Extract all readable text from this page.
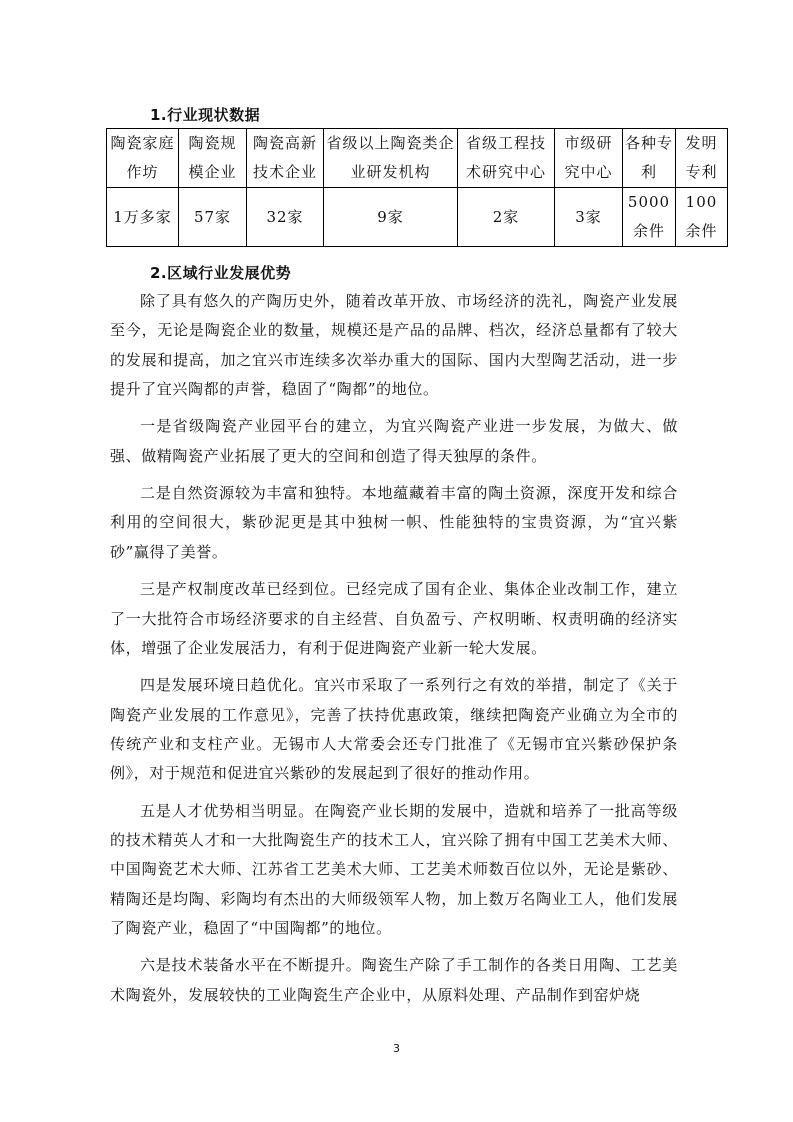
1.行业现状数据
陶瓷家庭作坊	陶瓷规模企业	陶瓷高新技术企业	省级以上陶瓷类企业研发机构	省级工程技术研究中心	市级研究中心	各种专利	发明专利
1万多家	57家	32家	9家	2家	3家	5000余件	100余件
2.区域行业发展优势

除了具有悠久的产陶历史外，随着改革开放、市场经济的洗礼，陶瓷产业发展至今，无论是陶瓷企业的数量，规模还是产品的品牌、档次，经济总量都有了较大的发展和提高，加之宜兴市连续多次举办重大的国际、国内大型陶艺活动，进一步提升了宜兴陶都的声誉，稳固了“陶都”的地位。

一是省级陶瓷产业园平台的建立，为宜兴陶瓷产业进一步发展，为做大、做强、做精陶瓷产业拓展了更大的空间和创造了得天独厚的条件。

二是自然资源较为丰富和独特。本地蕴藏着丰富的陶土资源，深度开发和综合利用的空间很大，紫砂泥更是其中独树一帜、性能独特的宝贵资源，为“宜兴紫砂”赢得了美誉。

三是产权制度改革已经到位。已经完成了国有企业、集体企业改制工作，建立了一大批符合市场经济要求的自主经营、自负盈亏、产权明晰、权责明确的经济实体，增强了企业发展活力，有利于促进陶瓷产业新一轮大发展。

四是发展环境日趋优化。宜兴市采取了一系列行之有效的举措，制定了《关于陶瓷产业发展的工作意见》，完善了扶持优惠政策，继续把陶瓷产业确立为全市的传统产业和支柱产业。无锡市人大常委会还专门批准了《无锡市宜兴紫砂保护条例》，对于规范和促进宜兴紫砂的发展起到了很好的推动作用。

五是人才优势相当明显。在陶瓷产业长期的发展中，造就和培养了一批高等级的技术精英人才和一大批陶瓷生产的技术工人，宜兴除了拥有中国工艺美术大师、中国陶瓷艺术大师、江苏省工艺美术大师、工艺美术师数百位以外，无论是紫砂、精陶还是均陶、彩陶均有杰出的大师级领军人物，加上数万名陶业工人，他们发展了陶瓷产业，稳固了“中国陶都”的地位。

六是技术装备水平在不断提升。陶瓷生产除了手工制作的各类日用陶、工艺美术陶瓷外，发展较快的工业陶瓷生产企业中，从原料处理、产品制作到窑炉烧

3
